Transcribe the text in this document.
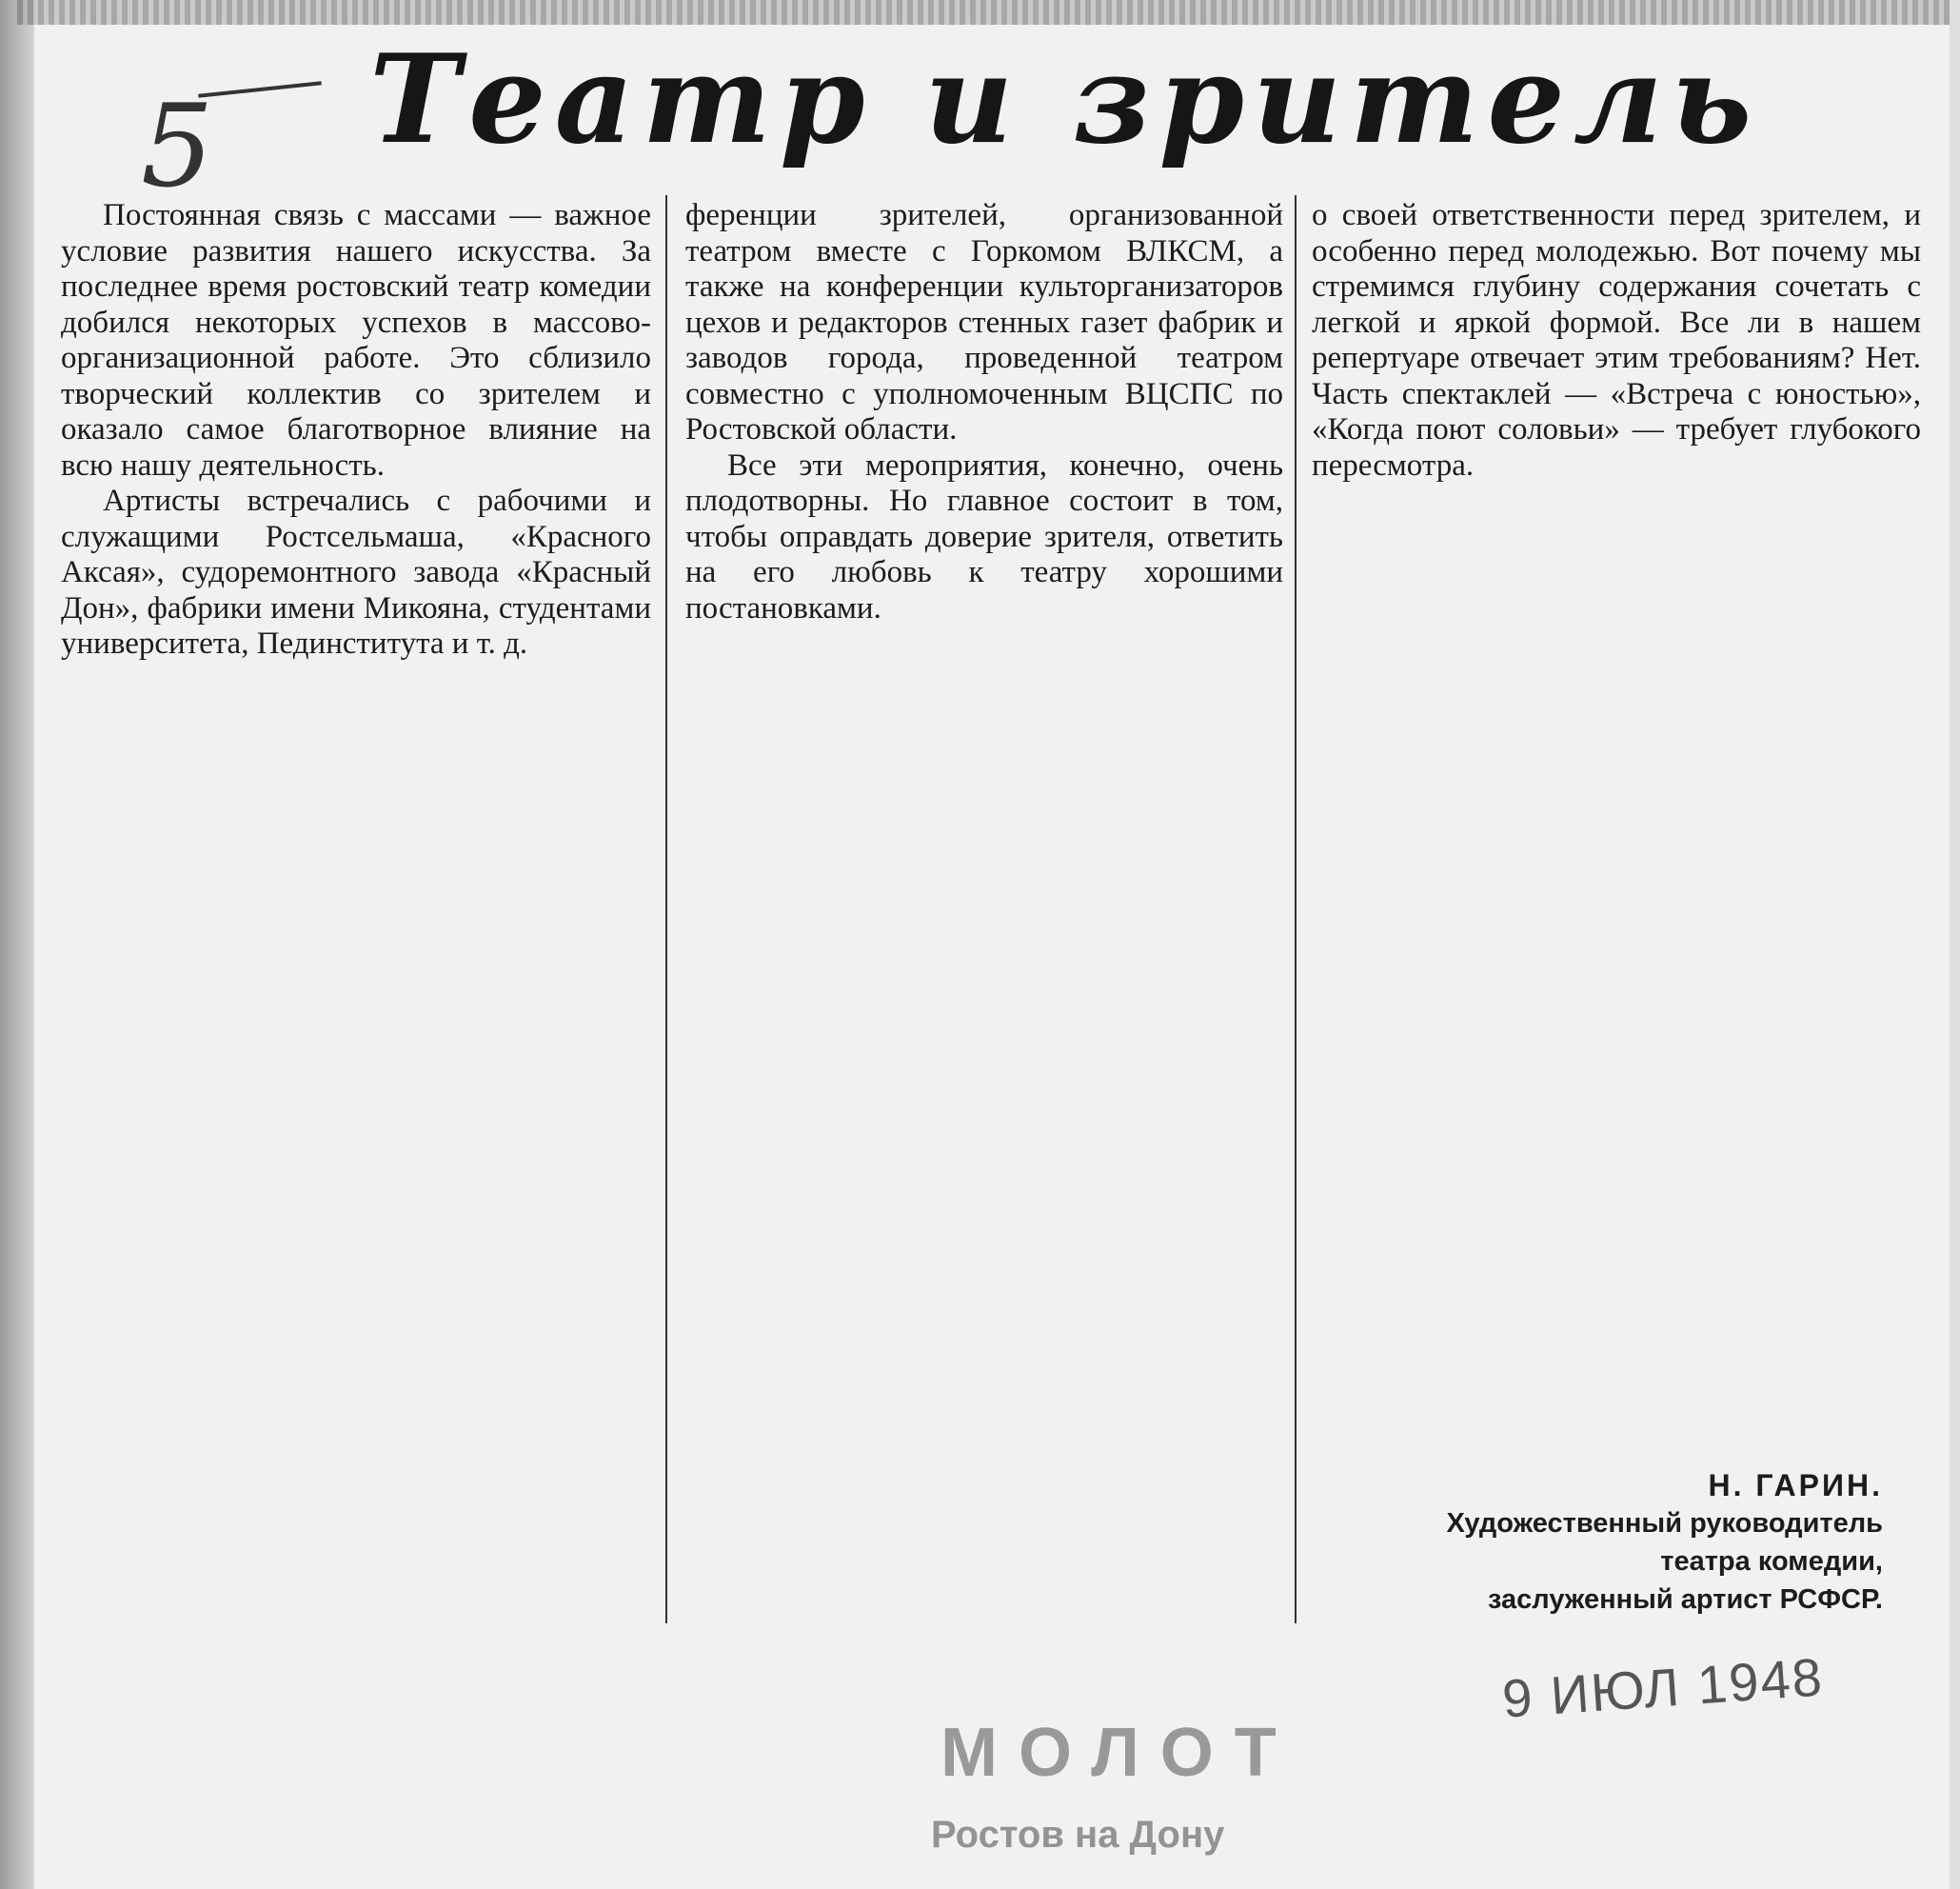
5 Театр и зритель

Постоянная связь с массами — важное условие развития нашего искусства. За последнее время ростовский театр комедии добился некоторых успехов в массово-организационной работе. Это сблизило творческий коллектив со зрителем и оказало самое благотворное влияние на всю нашу деятельность.

Артисты встречались с рабочими и служащими Ростсельмаша, «Красного Аксая», судоремонтного завода «Красный Дон», фабрики имени Микояна, студентами университета, Пединститута и т. д.

ференции зрителей, организованной театром вместе с Горкомом ВЛКСМ, а также на конференции культорганизаторов цехов и редакторов стенных газет фабрик и заводов города, проведенной театром совместно с уполномоченным ВЦСПС по Ростовской области.

Все эти мероприятия, конечно, очень плодотворны. Но главное состоит в том, чтобы оправдать доверие зрителя, ответить на его любовь к театру хорошими постановками.

о своей ответственности перед зрителем, и особенно перед молодежью. Вот почему мы стремимся глубину содержания сочетать с легкой и яркой формой. Все ли в нашем репертуаре отвечает этим требованиям? Нет. Часть спектаклей — «Встреча с юностью», «Когда поют соловьи» — требует глубокого пересмотра.

Н. ГАРИН.
Художественный руководитель
театра комедии,
заслуженный артист РСФСР.
9 ИЮЛ 1948
МОЛОТ
Ростов на Дону
